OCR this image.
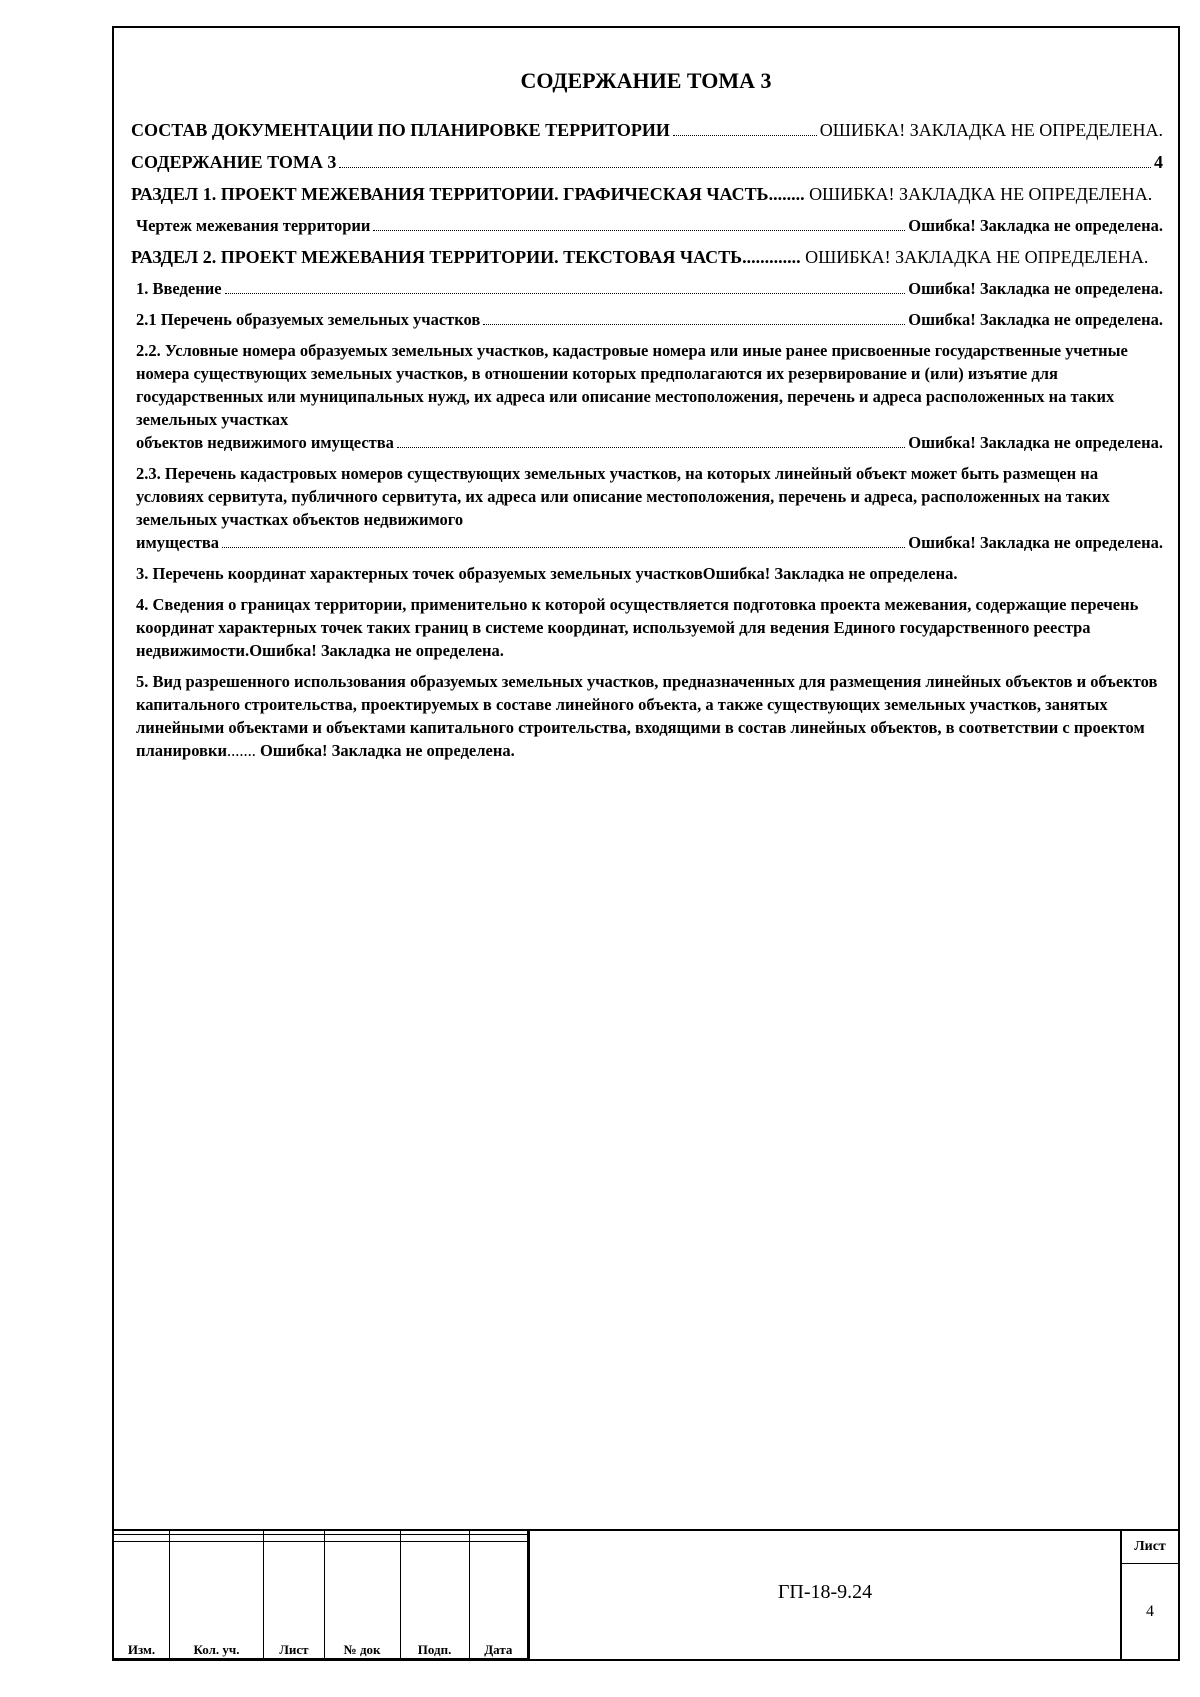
СОДЕРЖАНИЕ ТОМА 3
СОСТАВ ДОКУМЕНТАЦИИ ПО ПЛАНИРОВКЕ ТЕРРИТОРИИ	ОШИБКА! ЗАКЛАДКА НЕ ОПРЕДЕЛЕНА.
СОДЕРЖАНИЕ ТОМА 3	4
РАЗДЕЛ 1. ПРОЕКТ МЕЖЕВАНИЯ ТЕРРИТОРИИ. ГРАФИЧЕСКАЯ ЧАСТЬ........ ОШИБКА! ЗАКЛАДКА НЕ ОПРЕДЕЛЕНА.
Чертеж межевания территории	Ошибка! Закладка не определена.
РАЗДЕЛ 2. ПРОЕКТ МЕЖЕВАНИЯ ТЕРРИТОРИИ. ТЕКСТОВАЯ ЧАСТЬ............. ОШИБКА! ЗАКЛАДКА НЕ ОПРЕДЕЛЕНА.
1. Введение	Ошибка! Закладка не определена.
2.1 Перечень образуемых земельных участков	Ошибка! Закладка не определена.
2.2. Условные номера образуемых земельных участков, кадастровые номера или иные ранее присвоенные государственные учетные номера существующих земельных участков, в отношении которых предполагаются их резервирование и (или) изъятие для государственных или муниципальных нужд, их адреса или описание местоположения, перечень и адреса расположенных на таких земельных участках
объектов недвижимого имущества	Ошибка! Закладка не определена.
2.3. Перечень кадастровых номеров существующих земельных участков, на которых линейный объект может быть размещен на условиях сервитута, публичного сервитута, их адреса или описание местоположения, перечень и адреса, расположенных на таких земельных участках объектов недвижимого
имущества	Ошибка! Закладка не определена.
3. Перечень координат характерных точек образуемых земельных участковОшибка! Закладка не определена.
4. Сведения о границах территории, применительно к которой осуществляется подготовка проекта межевания, содержащие перечень координат характерных точек таких границ в системе координат, используемой для ведения Единого государственного реестра недвижимости.Ошибка! Закладка не определена.
5. Вид разрешенного использования образуемых земельных участков, предназначенных для размещения линейных объектов и объектов капитального строительства, проектируемых в составе линейного объекта, а также существующих земельных участков, занятых линейными объектами и объектами капитального строительства, входящими в состав линейных объектов, в соответствии с проектом планировки....... Ошибка! Закладка не определена.

Изм.	Кол. уч.	Лист	№ док	Подп.	Дата
ГП-18-9.24
Лист
4
